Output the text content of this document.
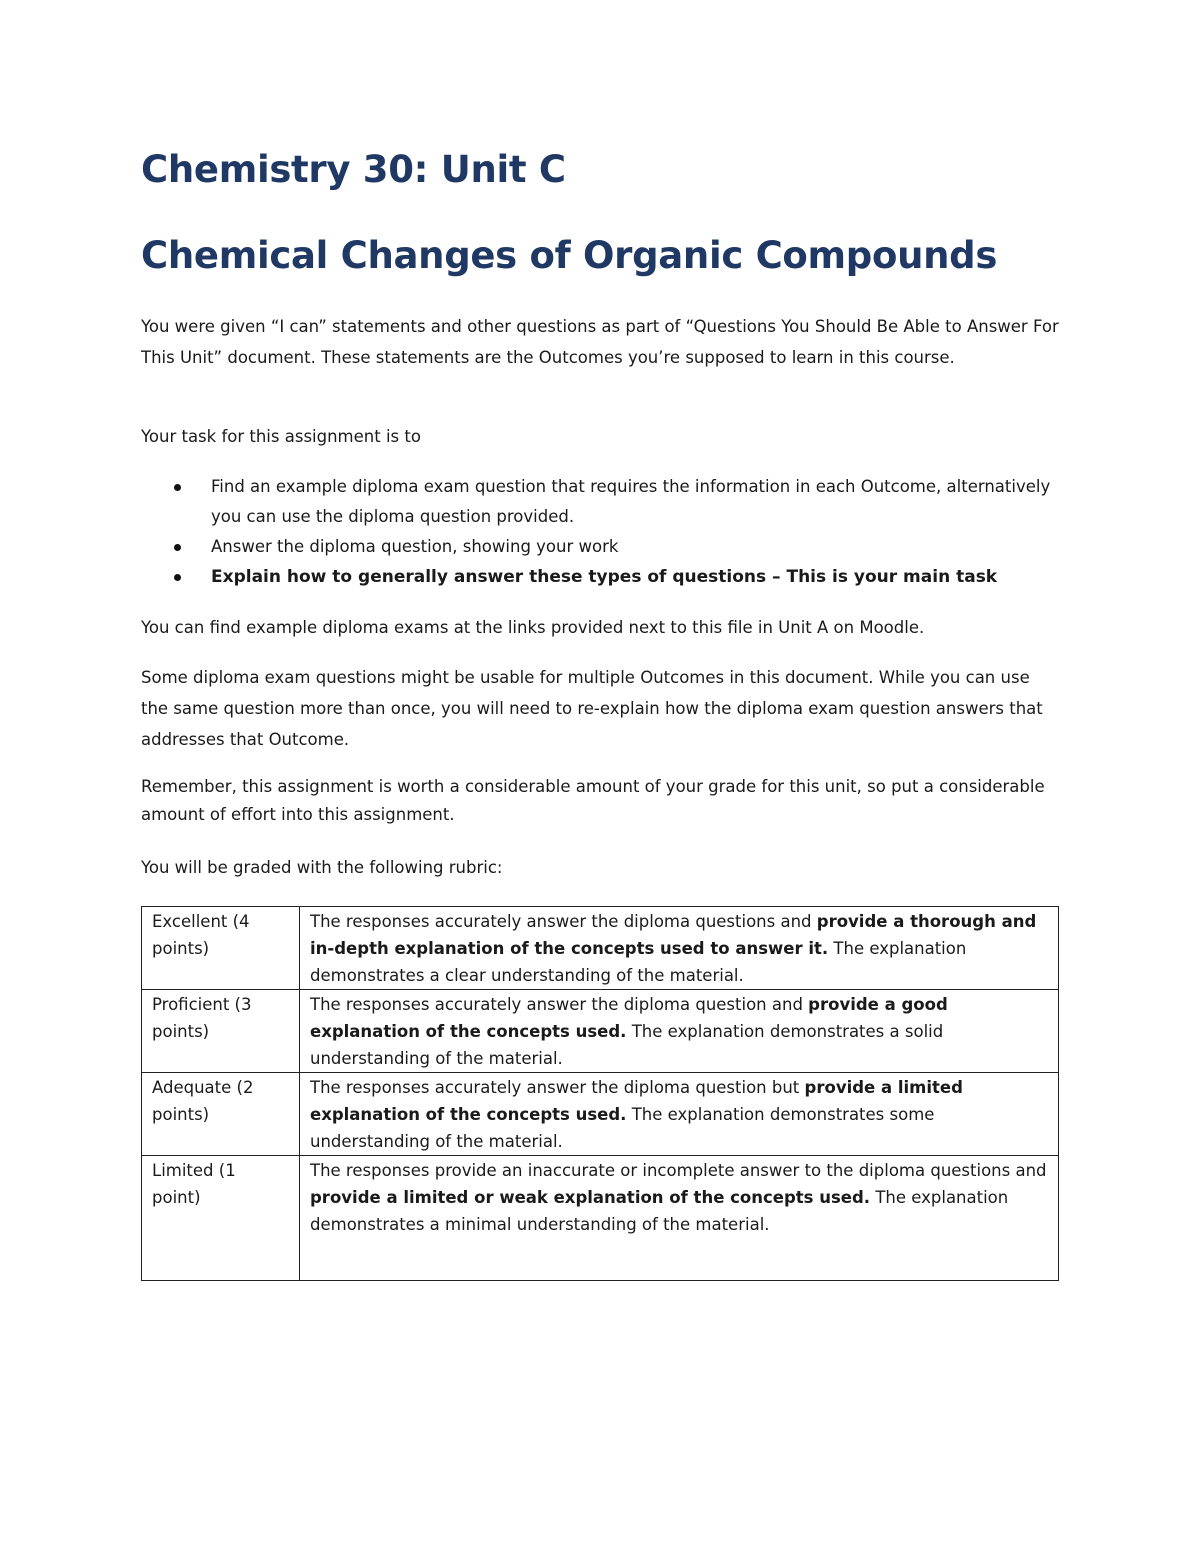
Chemistry 30: Unit C
Chemical Changes of Organic Compounds

You were given “I can” statements and other questions as part of “Questions You Should Be Able to Answer For This Unit” document. These statements are the Outcomes you’re supposed to learn in this course.

Your task for this assignment is to

Find an example diploma exam question that requires the information in each Outcome, alternatively you can use the diploma question provided.
Answer the diploma question, showing your work
Explain how to generally answer these types of questions – This is your main task

You can find example diploma exams at the links provided next to this file in Unit A on Moodle.

Some diploma exam questions might be usable for multiple Outcomes in this document. While you can use the same question more than once, you will need to re-explain how the diploma exam question answers that addresses that Outcome.

Remember, this assignment is worth a considerable amount of your grade for this unit, so put a considerable amount of effort into this assignment.

You will be graded with the following rubric:

Excellent (4 points)	The responses accurately answer the diploma questions and provide a thorough and in-depth explanation of the concepts used to answer it. The explanation demonstrates a clear understanding of the material.
Proficient (3 points)	The responses accurately answer the diploma question and provide a good explanation of the concepts used. The explanation demonstrates a solid understanding of the material.
Adequate (2 points)	The responses accurately answer the diploma question but provide a limited explanation of the concepts used. The explanation demonstrates some understanding of the material.
Limited (1 point)	The responses provide an inaccurate or incomplete answer to the diploma questions and provide a limited or weak explanation of the concepts used. The explanation demonstrates a minimal understanding of the material.
